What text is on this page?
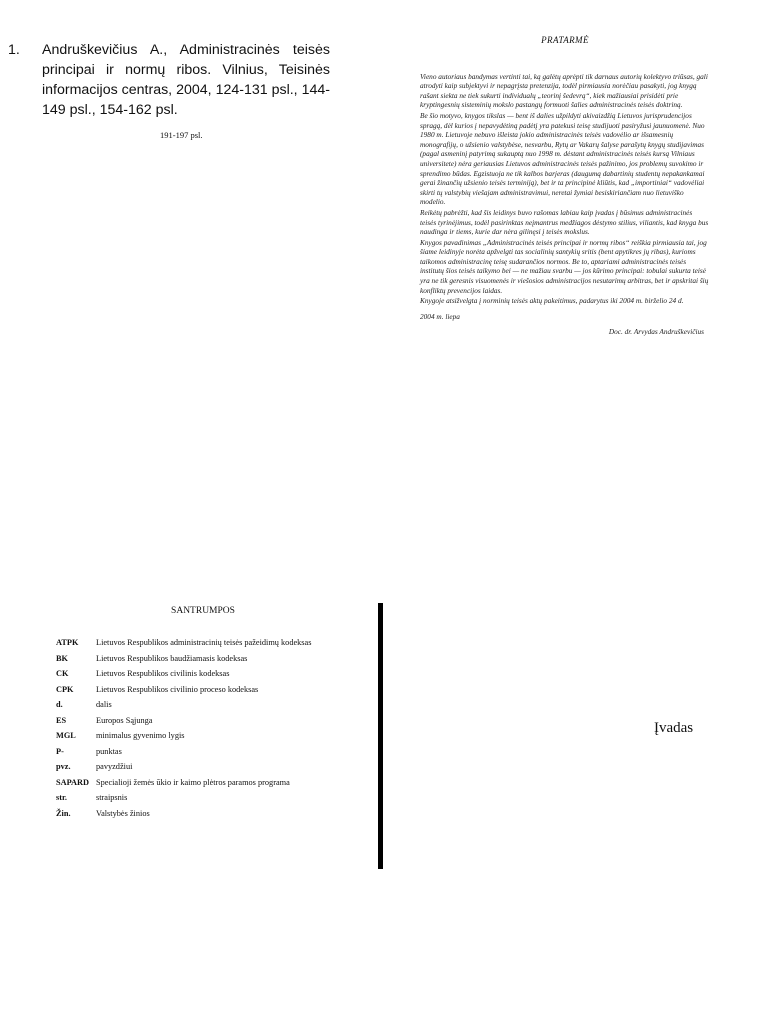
1.	Andruškevičius A., Administracinės teisės principai ir normų ribos. Vilnius, Teisinės informacijos centras, 2004, 124-131 psl., 144-149 psl., 154-162 psl.
191-197 psl.
PRATARMĖ
Vieno autoriaus bandymas vertinti tai, ką galėtų aprėpti tik darnaus autorių kolektyvo triūsas, gali atrodyti kaip subjektyvi ir nepagrįsta pretenzija, todėl pirmiausia norėčiau pasakyti, jog knygą rašant siekta ne tiek sukurti individualų „teorinį šedevrą“, kiek mažiausiai prisidėti prie kryptingesnių sisteminių mokslo pastangų formuoti šalies administracinės teisės doktriną.
Be šio motyvo, knygos tikslas — bent iš dalies užpildyti akivaizdžią Lietuvos jurisprudencijos spragą, dėl kurios į nepavydėtiną padėtį yra patekusi teisę studijuoti pasiryžusi jaunuomenė. Nuo 1980 m. Lietuvoje nebuvo išleista jokio administracinės teisės vadovėlio ar išsamesnių monografijų, o užsienio valstybėse, nesvarbu, Rytų ar Vakarų šalyse parašytų knygų studijavimas (pagal asmeninį patyrimą sukauptą nuo 1998 m. dėstant administracinės teisės kursą Vilniaus universitete) nėra geriausias Lietuvos administracinės teisės pažinimo, jos problemų suvokimo ir sprendimo būdas. Egzistuoja ne tik kalbos barjeras (daugumą dabartinių studentų nepakankamai gerai žinančių užsienio teisės terminiją), bet ir ta principinė kliūtis, kad „importiniai“ vadovėliai skirti tų valstybių viešajam administravimui, neretai žymiai besiskiriančiam nuo lietuviško modelio.
Reikėtų pabrėžti, kad šis leidinys buvo rašomas labiau kaip įvadas į būsimus administracinės teisės tyrinėjimus, todėl pasirinktas neįmantrus medžiagos dėstymo stilius, viliantis, kad knyga bus naudinga ir tiems, kurie dar nėra gilinęsi į teisės mokslus.
Knygos pavadinimas „Administracinės teisės principai ir normų ribos“ reiškia pirmiausia tai, jog šiame leidinyje norėta apžvelgti tas socialinių santykių sritis (bent apytikres jų ribas), kurioms taikomos administracinę teisę sudarančios normos. Be to, aptariami administracinės teisės institutų šios teisės taikymo bei — ne mažiau svarbu — jos kūrimo principai: tobulai sukurta teisė yra ne tik geresnis visuomenės ir viešosios administracijos nesutarimų arbitras, bet ir apskritai šių konfliktų prevencijos laidas.
Knygoje atsižvelgta į norminių teisės aktų pakeitimus, padarytus iki 2004 m. birželio 24 d.
2004 m. liepa
Doc. dr. Arvydas Andruškevičius
SANTRUMPOS
ATPK	Lietuvos Respublikos administracinių teisės pažeidimų kodeksas
BK	Lietuvos Respublikos baudžiamasis kodeksas
CK	Lietuvos Respublikos civilinis kodeksas
CPK	Lietuvos Respublikos civilinio proceso kodeksas
d.	dalis
ES	Europos Sąjunga
MGL	minimalus gyvenimo lygis
P-	punktas
pvz.	pavyzdžiui
SAPARD Specialioji žemės ūkio ir kaimo plėtros paramos programa
str.	straipsnis
Žin.	Valstybės žinios
Įvadas
